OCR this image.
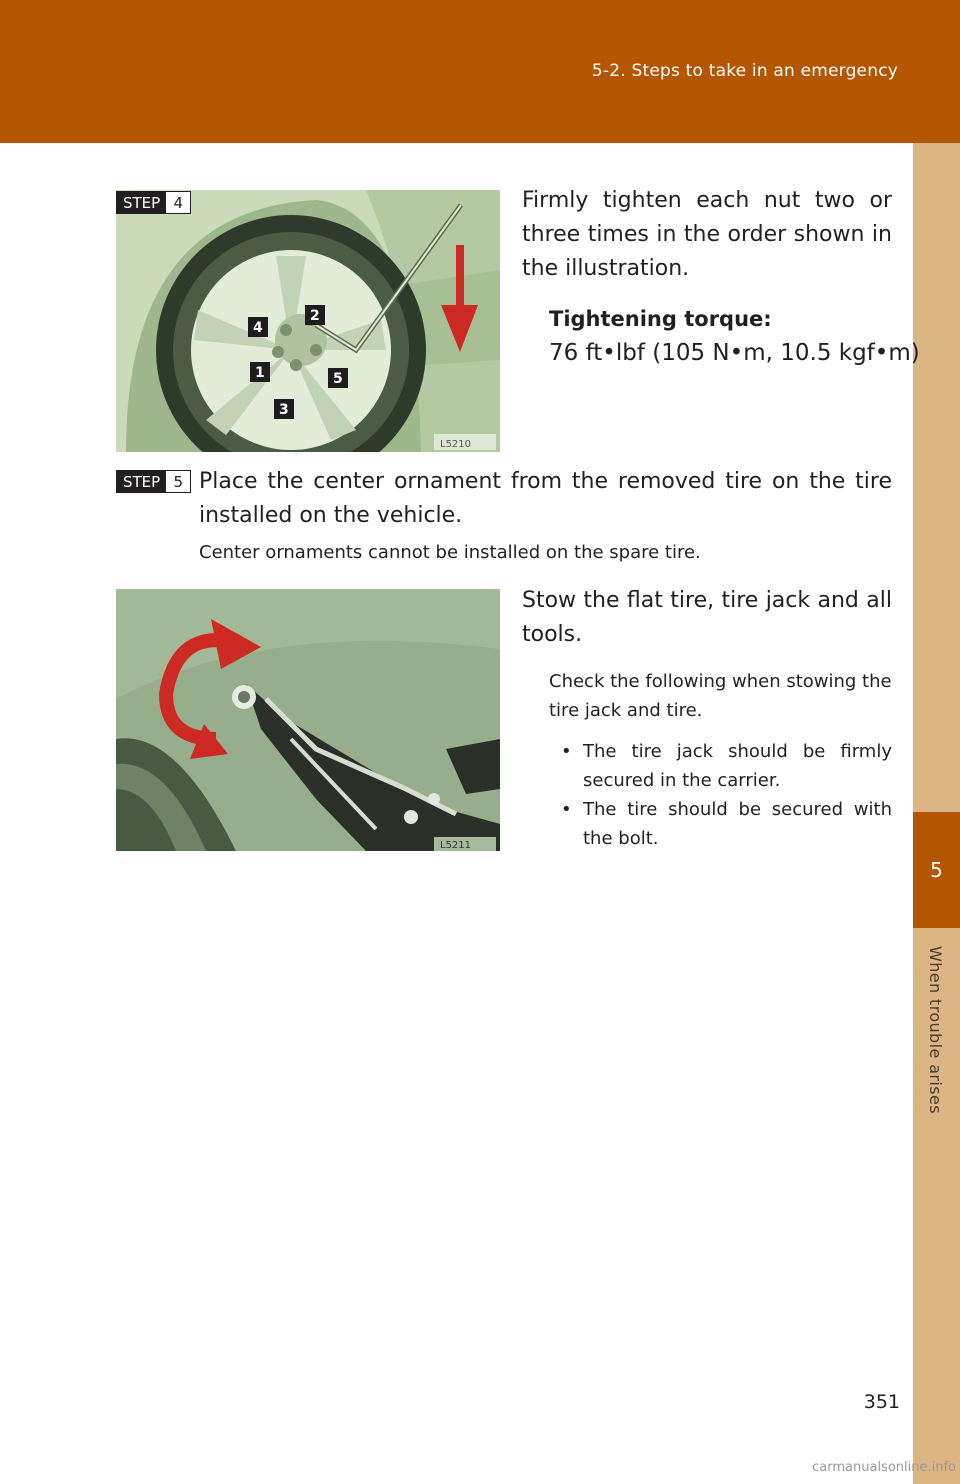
5-2. Steps to take in an emergency
5
When trouble arises
4
2
1	5
3
L5210
STEP 4	Firmly tighten each nut two or three times in the order shown in the illustration.
Tightening torque:
76 ft•lbf (105 N•m, 10.5 kgf•m)
STEP 5 Place the center ornament from the removed tire on the tire installed on the vehicle.
Center ornaments cannot be installed on the spare tire.
L5211
Stow the flat tire, tire jack and all tools.
Check the following when stowing the tire jack and tire.
• The tire jack should be firmly secured in the carrier.
• The tire should be secured with the bolt.
351
carmanualsonline.info
